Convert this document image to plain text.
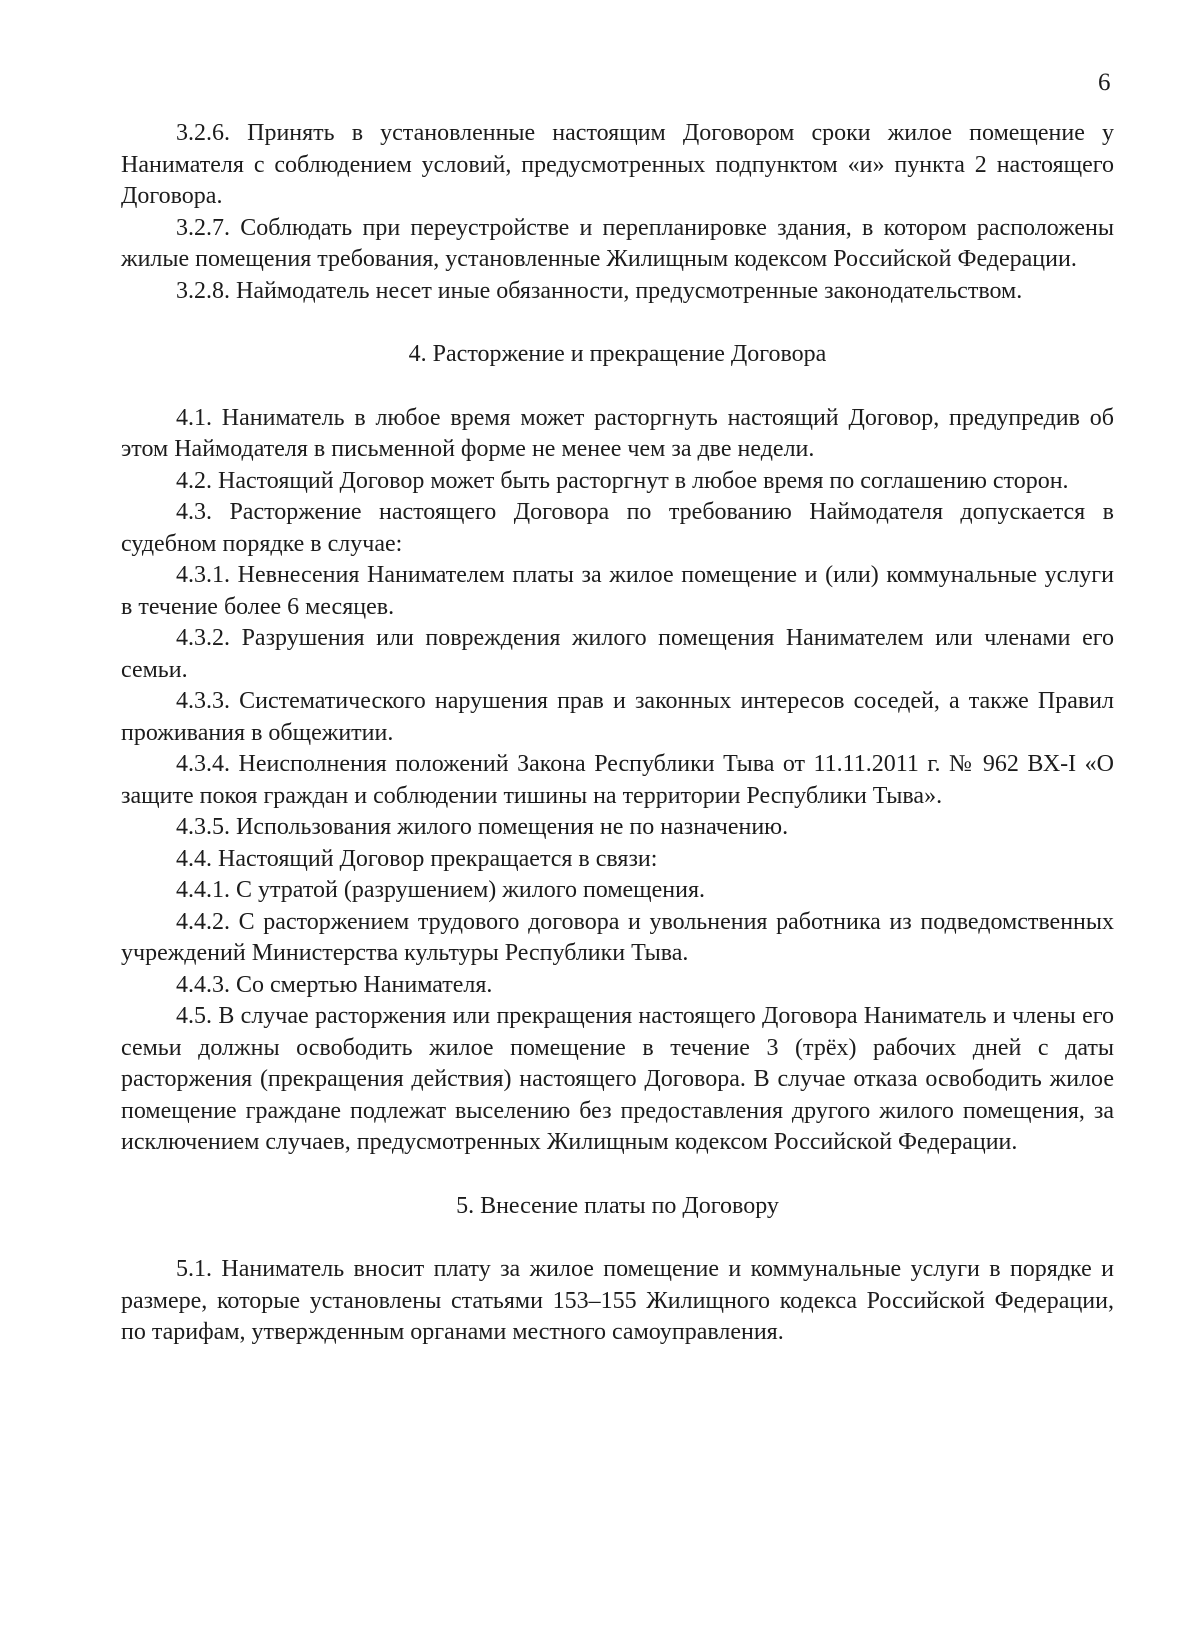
6

3.2.6. Принять в установленные настоящим Договором сроки жилое помещение у Нанимателя с соблюдением условий, предусмотренных подпунктом «и» пункта 2 настоящего Договора.

3.2.7. Соблюдать при переустройстве и перепланировке здания, в котором расположены жилые помещения требования, установленные Жилищным кодексом Российской Федерации.

3.2.8. Наймодатель несет иные обязанности, предусмотренные законодательством.

4. Расторжение и прекращение Договора

4.1. Наниматель в любое время может расторгнуть настоящий Договор, предупредив об этом Наймодателя в письменной форме не менее чем за две недели.

4.2. Настоящий Договор может быть расторгнут в любое время по соглашению сторон.

4.3. Расторжение настоящего Договора по требованию Наймодателя допускается в судебном порядке в случае:

4.3.1. Невнесения Нанимателем платы за жилое помещение и (или) коммунальные услуги в течение более 6 месяцев.

4.3.2. Разрушения или повреждения жилого помещения Нанимателем или членами его семьи.

4.3.3. Систематического нарушения прав и законных интересов соседей, а также Правил проживания в общежитии.

4.3.4. Неисполнения положений Закона Республики Тыва от 11.11.2011 г. № 962 ВХ-I «О защите покоя граждан и соблюдении тишины на территории Республики Тыва».

4.3.5. Использования жилого помещения не по назначению.

4.4. Настоящий Договор прекращается в связи:

4.4.1. С утратой (разрушением) жилого помещения.

4.4.2. С расторжением трудового договора и увольнения работника из подведомственных учреждений Министерства культуры Республики Тыва.

4.4.3. Со смертью Нанимателя.

4.5. В случае расторжения или прекращения настоящего Договора Наниматель и члены его семьи должны освободить жилое помещение в течение 3 (трёх) рабочих дней с даты расторжения (прекращения действия) настоящего Договора. В случае отказа освободить жилое помещение граждане подлежат выселению без предоставления другого жилого помещения, за исключением случаев, предусмотренных Жилищным кодексом Российской Федерации.

5. Внесение платы по Договору

5.1. Наниматель вносит плату за жилое помещение и коммунальные услуги в порядке и размере, которые установлены статьями 153–155 Жилищного кодекса Российской Федерации, по тарифам, утвержденным органами местного самоуправления.
